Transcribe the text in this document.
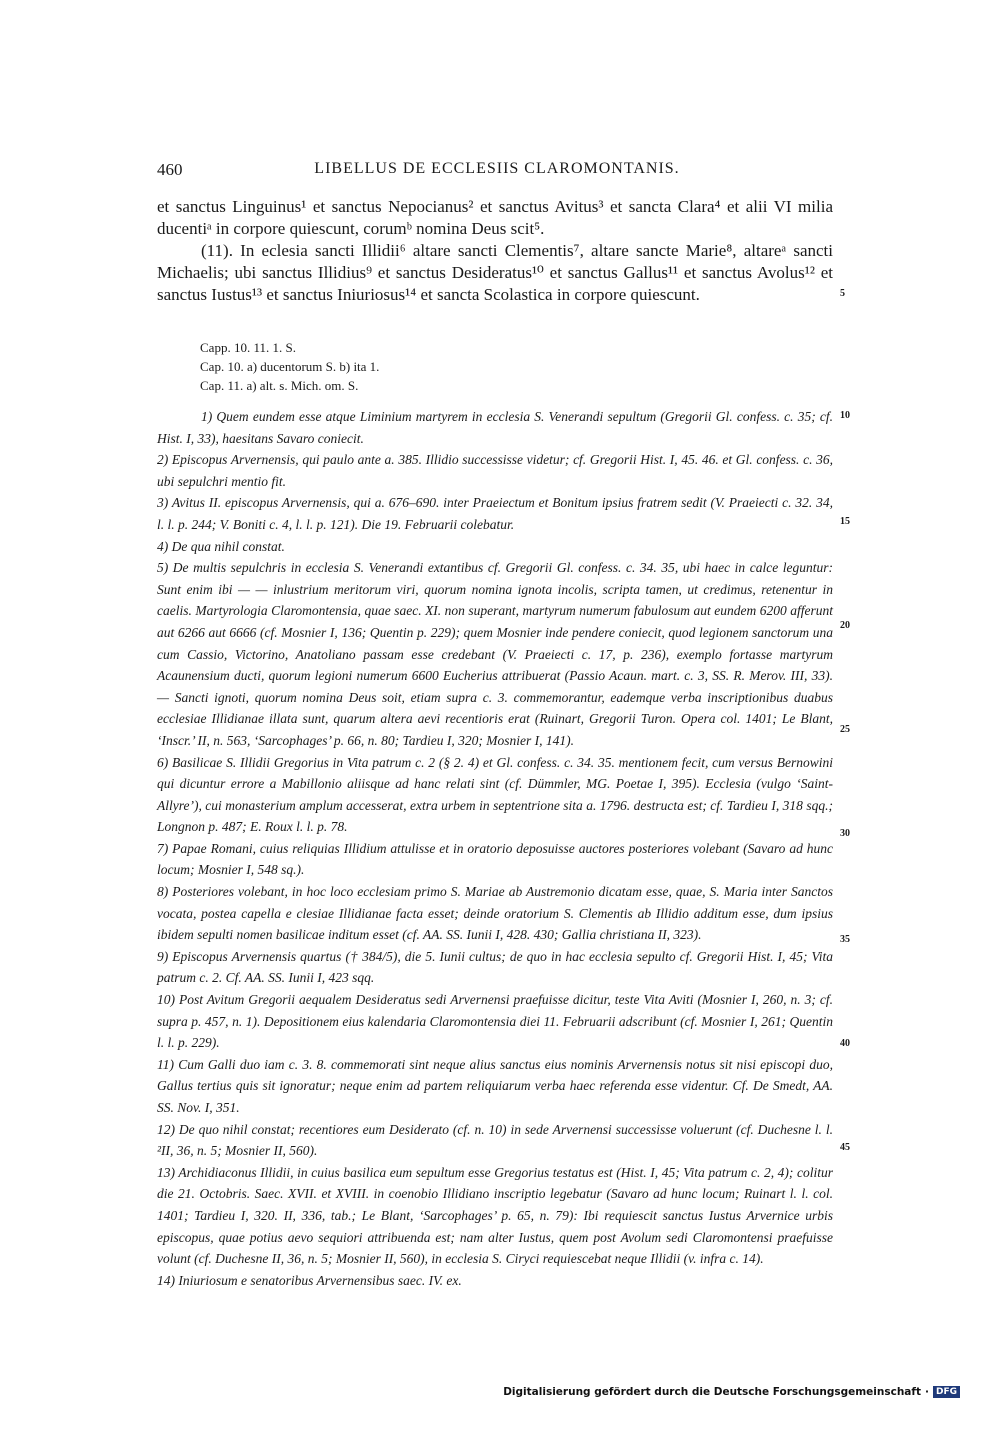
460	LIBELLUS DE ECCLESIIS CLAROMONTANIS.

et sanctus Linguinus¹ et sanctus Nepocianus² et sanctus Avitus³ et sancta Clara⁴ et alii VI milia ducentiᵃ in corpore quiescunt, corumᵇ nomina Deus scit⁵.

(11). In eclesia sancti Illidii⁶ altare sancti Clementis⁷, altare sancte Marie⁸, altareᵃ sancti Michaelis; ubi sanctus Illidius⁹ et sanctus Desideratus¹⁰ et sanctus Gallus¹¹ et sanctus Avolus¹² et sanctus Iustus¹³ et sanctus Iniuriosus¹⁴ et sancta Scolastica in corpore quiescunt.

Capp. 10. 11. 1. S.
Cap. 10. a) ducentorum S. b) ita 1.
Cap. 11. a) alt. s. Mich. om. S.
1) Quem eundem esse atque Liminium martyrem in ecclesia S. Venerandi sepultum (Gregorii Gl. confess. c. 35; cf. Hist. I, 33), haesitans Savaro coniecit.
2) Episcopus Arvernensis, qui paulo ante a. 385. Illidio successisse videtur; cf. Gregorii Hist. I, 45. 46. et Gl. confess. c. 36, ubi sepulchri mentio fit.
3) Avitus II. episcopus Arvernensis, qui a. 676–690. inter Praeiectum et Bonitum ipsius fratrem sedit (V. Praeiecti c. 32. 34, l. l. p. 244; V. Boniti c. 4, l. l. p. 121). Die 19. Februarii colebatur.
4) De qua nihil constat.
5) De multis sepulchris in ecclesia S. Venerandi extantibus cf. Gregorii Gl. confess. c. 34. 35, ubi haec in calce leguntur: Sunt enim ibi — — inlustrium meritorum viri, quorum nomina ignota incolis, scripta tamen, ut credimus, retenentur in caelis. Martyrologia Claromontensia, quae saec. XI. non superant, martyrum numerum fabulosum aut eundem 6200 afferunt aut 6266 aut 6666 (cf. Mosnier I, 136; Quentin p. 229); quem Mosnier inde pendere coniecit, quod legionem sanctorum una cum Cassio, Victorino, Anatoliano passam esse credebant (V. Praeiecti c. 17, p. 236), exemplo fortasse martyrum Acaunensium ducti, quorum legioni numerum 6600 Eucherius attribuerat (Passio Acaun. mart. c. 3, SS. R. Merov. III, 33). — Sancti ignoti, quorum nomina Deus soit, etiam supra c. 3. commemorantur, eademque verba inscriptionibus duabus ecclesiae Illidianae illata sunt, quarum altera aevi recentioris erat (Ruinart, Gregorii Turon. Opera col. 1401; Le Blant, ‘Inscr.’ II, n. 563, ‘Sarcophages’ p. 66, n. 80; Tardieu I, 320; Mosnier I, 141).
6) Basilicae S. Illidii Gregorius in Vita patrum c. 2 (§ 2. 4) et Gl. confess. c. 34. 35. mentionem fecit, cum versus Bernowini qui dicuntur errore a Mabillonio aliisque ad hanc relati sint (cf. Dümmler, MG. Poetae I, 395). Ecclesia (vulgo ‘Saint-Allyre’), cui monasterium amplum accesserat, extra urbem in septentrione sita a. 1796. destructa est; cf. Tardieu I, 318 sqq.; Longnon p. 487; E. Roux l. l. p. 78.
7) Papae Romani, cuius reliquias Illidium attulisse et in oratorio deposuisse auctores posteriores volebant (Savaro ad hunc locum; Mosnier I, 548 sq.).
8) Posteriores volebant, in hoc loco ecclesiam primo S. Mariae ab Austremonio dicatam esse, quae, S. Maria inter Sanctos vocata, postea capella e clesiae Illidianae facta esset; deinde oratorium S. Clementis ab Illidio additum esse, dum ipsius ibidem sepulti nomen basilicae inditum esset (cf. AA. SS. Iunii I, 428. 430; Gallia christiana II, 323).
9) Episcopus Arvernensis quartus († 384/5), die 5. Iunii cultus; de quo in hac ecclesia sepulto cf. Gregorii Hist. I, 45; Vita patrum c. 2. Cf. AA. SS. Iunii I, 423 sqq.
10) Post Avitum Gregorii aequalem Desideratus sedi Arvernensi praefuisse dicitur, teste Vita Aviti (Mosnier I, 260, n. 3; cf. supra p. 457, n. 1). Depositionem eius kalendaria Claromontensia diei 11. Februarii adscribunt (cf. Mosnier I, 261; Quentin l. l. p. 229).
11) Cum Galli duo iam c. 3. 8. commemorati sint neque alius sanctus eius nominis Arvernensis notus sit nisi episcopi duo, Gallus tertius quis sit ignoratur; neque enim ad partem reliquiarum verba haec referenda esse videntur. Cf. De Smedt, AA. SS. Nov. I, 351.
12) De quo nihil constat; recentiores eum Desiderato (cf. n. 10) in sede Arvernensi successisse voluerunt (cf. Duchesne l. l. ²II, 36, n. 5; Mosnier II, 560).
13) Archidiaconus Illidii, in cuius basilica eum sepultum esse Gregorius testatus est (Hist. I, 45; Vita patrum c. 2, 4); colitur die 21. Octobris. Saec. XVII. et XVIII. in coenobio Illidiano inscriptio legebatur (Savaro ad hunc locum; Ruinart l. l. col. 1401; Tardieu I, 320. II, 336, tab.; Le Blant, ‘Sarcophages’ p. 65, n. 79): Ibi requiescit sanctus Iustus Arvernice urbis episcopus, quae potius aevo sequiori attribuenda est; nam alter Iustus, quem post Avolum sedi Claromontensi praefuisse volunt (cf. Duchesne II, 36, n. 5; Mosnier II, 560), in ecclesia S. Ciryci requiescebat neque Illidii (v. infra c. 14).
14) Iniuriosum e senatoribus Arvernensibus saec. IV. ex.
5
10
15
20
25
30
35
40
45
Digitalisierung gefördert durch die Deutsche Forschungsgemeinschaft · DFG
